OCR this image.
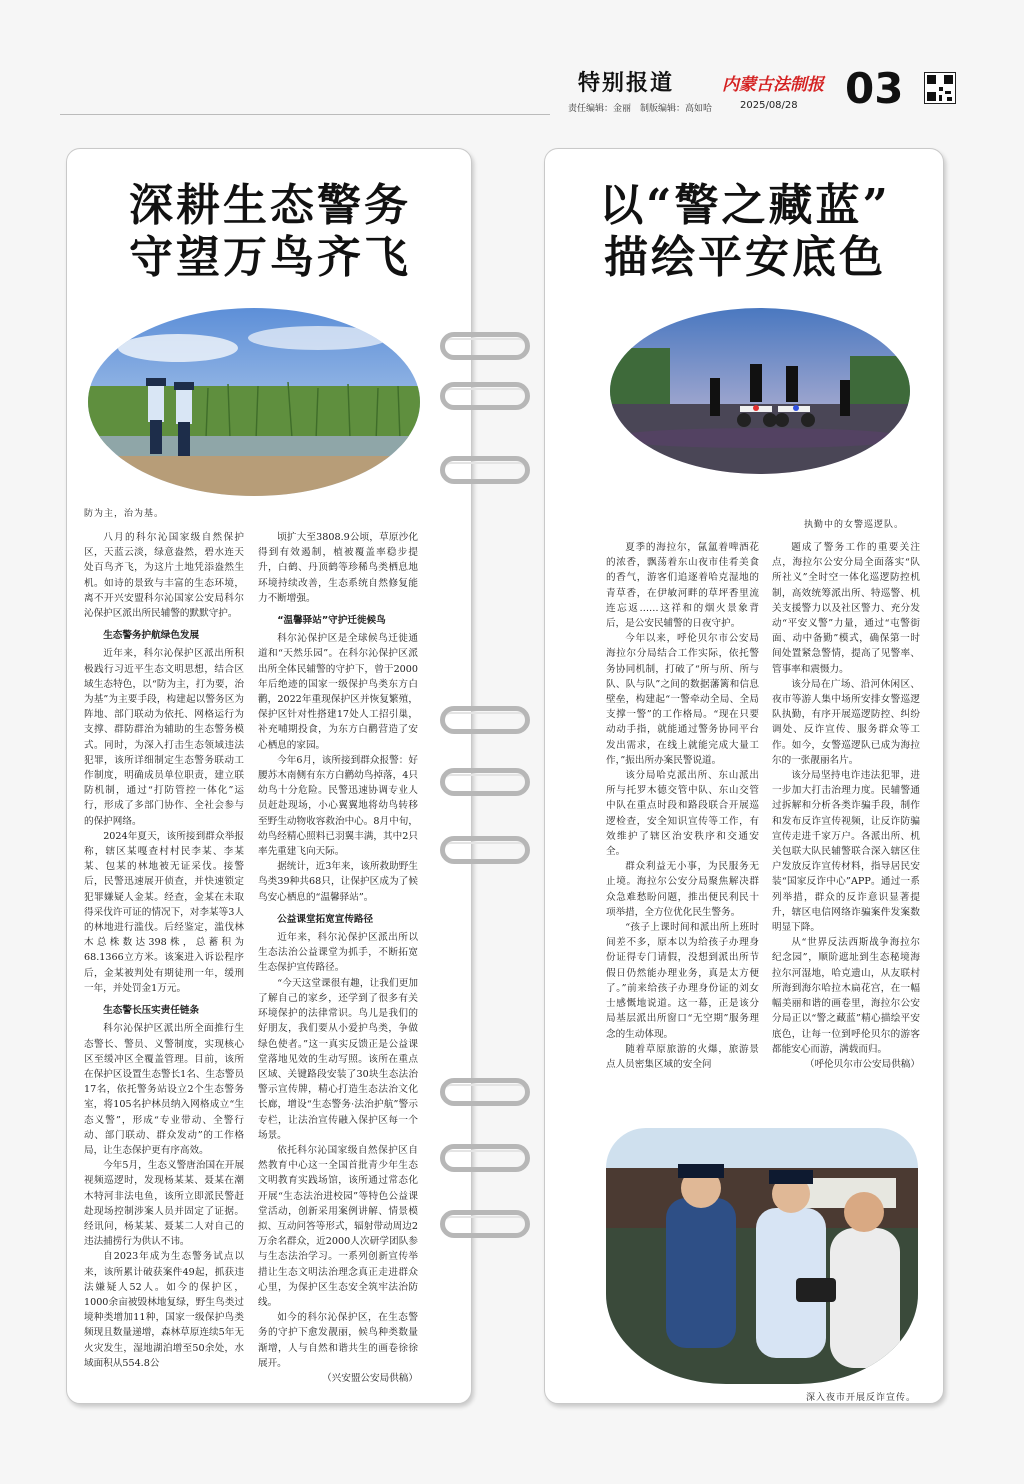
特别报道	内蒙古法制报
责任编辑：金丽　制版编辑：高如哈	2025/08/28 03
深耕生态警务
守望万鸟齐飞
防为主，治为基。

八月的科尔沁国家级自然保护区，天蓝云淡，绿意盎然，碧水连天处百鸟齐飞，为这片土地凭添盎然生机。如诗的景致与丰富的生态环境，离不开兴安盟科尔沁国家公安局科尔沁保护区派出所民辅警的默默守护。

生态警务护航绿色发展

近年来，科尔沁保护区派出所积极践行习近平生态文明思想，结合区域生态特色，以“防为主，打为要，治为基”为主要手段，构建起以警务区为阵地、部门联动为依托、网格运行为支撑、群防群治为辅助的生态警务模式。同时，为深入打击生态领域违法犯罪，该所详细制定生态警务联动工作制度，明确成员单位职责，建立联防机制，通过“打防管控一体化”运行，形成了多部门协作、全社会参与的保护网络。

2024年夏天，该所接到群众举报称，辖区某嘎查村村民李某、李某某、包某的林地被无证采伐。接警后，民警迅速展开侦查，并快速锁定犯罪嫌疑人金某。经查，金某在未取得采伐许可证的情况下，对李某等3人的林地进行滥伐。后经鉴定，滥伐林木总株数达398株，总蓄积为68.1366立方米。该案进入诉讼程序后，金某被判处有期徒刑一年，缓刑一年，并处罚金1万元。

生态警长压实责任链条

科尔沁保护区派出所全面推行生态警长、警员、义警制度，实现核心区至缓冲区全覆盖管理。目前，该所在保护区设置生态警长1名、生态警员17名，依托警务站设立2个生态警务室，将105名护林员纳入网格成立“生态义警”，形成“专业带动、全警行动、部门联动、群众发动”的工作格局，让生态保护更有序高效。

今年5月，生态义警唐治国在开展视频巡逻时，发现杨某某、聂某在潮木特河非法电鱼，该所立即派民警赶赴现场控制涉案人员并固定了证据。经讯问，杨某某、聂某二人对自己的违法捕捞行为供认不讳。

自2023年成为生态警务试点以来，该所累计破获案件49起，抓获违法嫌疑人52人。如今的保护区，1000余亩被毁林地复绿，野生鸟类过境种类增加11种，国家一级保护鸟类频现且数量递增，森林草原连续5年无火灾发生，湿地湖泊增至50余处，水域面积从554.8公

顷扩大至3808.9公顷，草原沙化得到有效遏制，植被覆盖率稳步提升，白鹤、丹顶鹤等珍稀鸟类栖息地环境持续改善，生态系统自然修复能力不断增强。

“温馨驿站”守护迁徙候鸟

科尔沁保护区是全球候鸟迁徙通道和“天然乐园”。在科尔沁保护区派出所全体民辅警的守护下，曾于2000年后绝迹的国家一级保护鸟类东方白鹳，2022年重现保护区并恢复繁殖，保护区针对性搭建17处人工招引巢，补充哺期投食，为东方白鹳营造了安心栖息的家园。

今年6月，该所接到群众报警：好腰苏木南侧有东方白鹳幼鸟掉落，4只幼鸟十分危险。民警迅速协调专业人员赶赴现场，小心翼翼地将幼鸟转移至野生动物收容救治中心。8月中旬，幼鸟经精心照料已羽翼丰满，其中2只率先重建飞向天际。

据统计，近3年来，该所救助野生鸟类39种共68只，让保护区成为了候鸟安心栖息的“温馨驿站”。

公益课堂拓宽宣传路径

近年来，科尔沁保护区派出所以生态法治公益课堂为抓手，不断拓宽生态保护宣传路径。

“今天这堂课很有趣，让我们更加了解自己的家乡，还学到了很多有关环境保护的法律常识。鸟儿是我们的好朋友，我们要从小爱护鸟类，争做绿色使者。”这一真实反馈正是公益课堂落地见效的生动写照。该所在重点区域、关键路段安装了30块生态法治警示宣传牌，精心打造生态法治文化长廊，增设“生态警务·法治护航”警示专栏，让法治宣传融入保护区每一个场景。

依托科尔沁国家级自然保护区自然教育中心这一全国首批青少年生态文明教育实践场馆，该所通过常态化开展“生态法治进校园”等特色公益课堂活动，创新采用案例讲解、情景模拟、互动问答等形式，辐射带动周边2万余名群众，近2000人次研学团队参与生态法治学习。一系列创新宣传举措让生态文明法治理念真正走进群众心里，为保护区生态安全筑牢法治防线。

如今的科尔沁保护区，在生态警务的守护下愈发靓丽，候鸟种类数量渐增，人与自然和谐共生的画卷徐徐展开。

（兴安盟公安局供稿）

以“警之藏蓝”
描绘平安底色
执勤中的女警巡逻队。

夏季的海拉尔，氤氲着啤酒花的浓香，飘荡着东山夜市佳肴美食的香气，游客们追逐着哈克湿地的青草香，在伊敏河畔的草坪香里流连忘返……这祥和的烟火景象背后，是公安民辅警的日夜守护。

今年以来，呼伦贝尔市公安局海拉尔分局结合工作实际，依托警务协同机制，打破了“所与所、所与队、队与队”之间的数据藩篱和信息壁垒，构建起“一警牵动全局、全局支撑一警”的工作格局。“现在只要动动手指，就能通过警务协同平台发出需求，在线上就能完成大量工作，”振出所办案民警说道。

该分局哈克派出所、东山派出所与托罗木德交管中队、东山交管中队在重点时段和路段联合开展巡逻检查，安全知识宣传等工作，有效维护了辖区治安秩序和交通安全。

群众利益无小事，为民服务无止境。海拉尔公安分局聚焦解决群众急难愁盼问题，推出便民利民十项举措，全方位优化民生警务。

“孩子上课时间和派出所上班时间差不多，原本以为给孩子办理身份证得专门请假，没想到派出所节假日仍然能办理业务，真是太方便了。”前来给孩子办理身份证的刘女士感慨地说道。这一幕，正是该分局基层派出所窗口“无空期”服务理念的生动体现。

随着草原旅游的火爆，旅游景点人员密集区域的安全问

题成了警务工作的重要关注点，海拉尔公安分局全面落实“队所社义”全时空一体化巡逻防控机制，高效统筹派出所、特巡警、机关支援警力以及社区警力、充分发动“平安义警”力量，通过“屯警街面、动中备勤”模式，确保第一时间处置紧急警情，提高了见警率、管事率和震慑力。

该分局在广场、沿河休闲区、夜市等游人集中场所安排女警巡逻队执勤，有序开展巡逻防控、纠纷调处、反诈宣传、服务群众等工作。如今，女警巡逻队已成为海拉尔的一张靓丽名片。

该分局坚持电诈违法犯罪，进一步加大打击治理力度。民辅警通过拆解和分析各类诈骗手段，制作和发布反诈宣传视频，让反诈防骗宣传走进千家万户。各派出所、机关包联大队民辅警联合深入辖区住户发放反诈宣传材料，指导居民安装“国家反诈中心”APP。通过一系列举措，群众的反诈意识显著提升，辖区电信网络诈骗案件发案数明显下降。

从“世界反法西斯战争海拉尔纪念园”，顺阶遮址到生态秘境海拉尔河湿地，哈克遗山，从友联村所海到海尔哈拉木扁花宫，在一幅幅美丽和谐的画卷里，海拉尔公安分局正以“警之藏蓝”精心描绘平安底色，让每一位到呼伦贝尔的游客都能安心而游，满载而归。

（呼伦贝尔市公安局供稿）

深入夜市开展反诈宣传。
